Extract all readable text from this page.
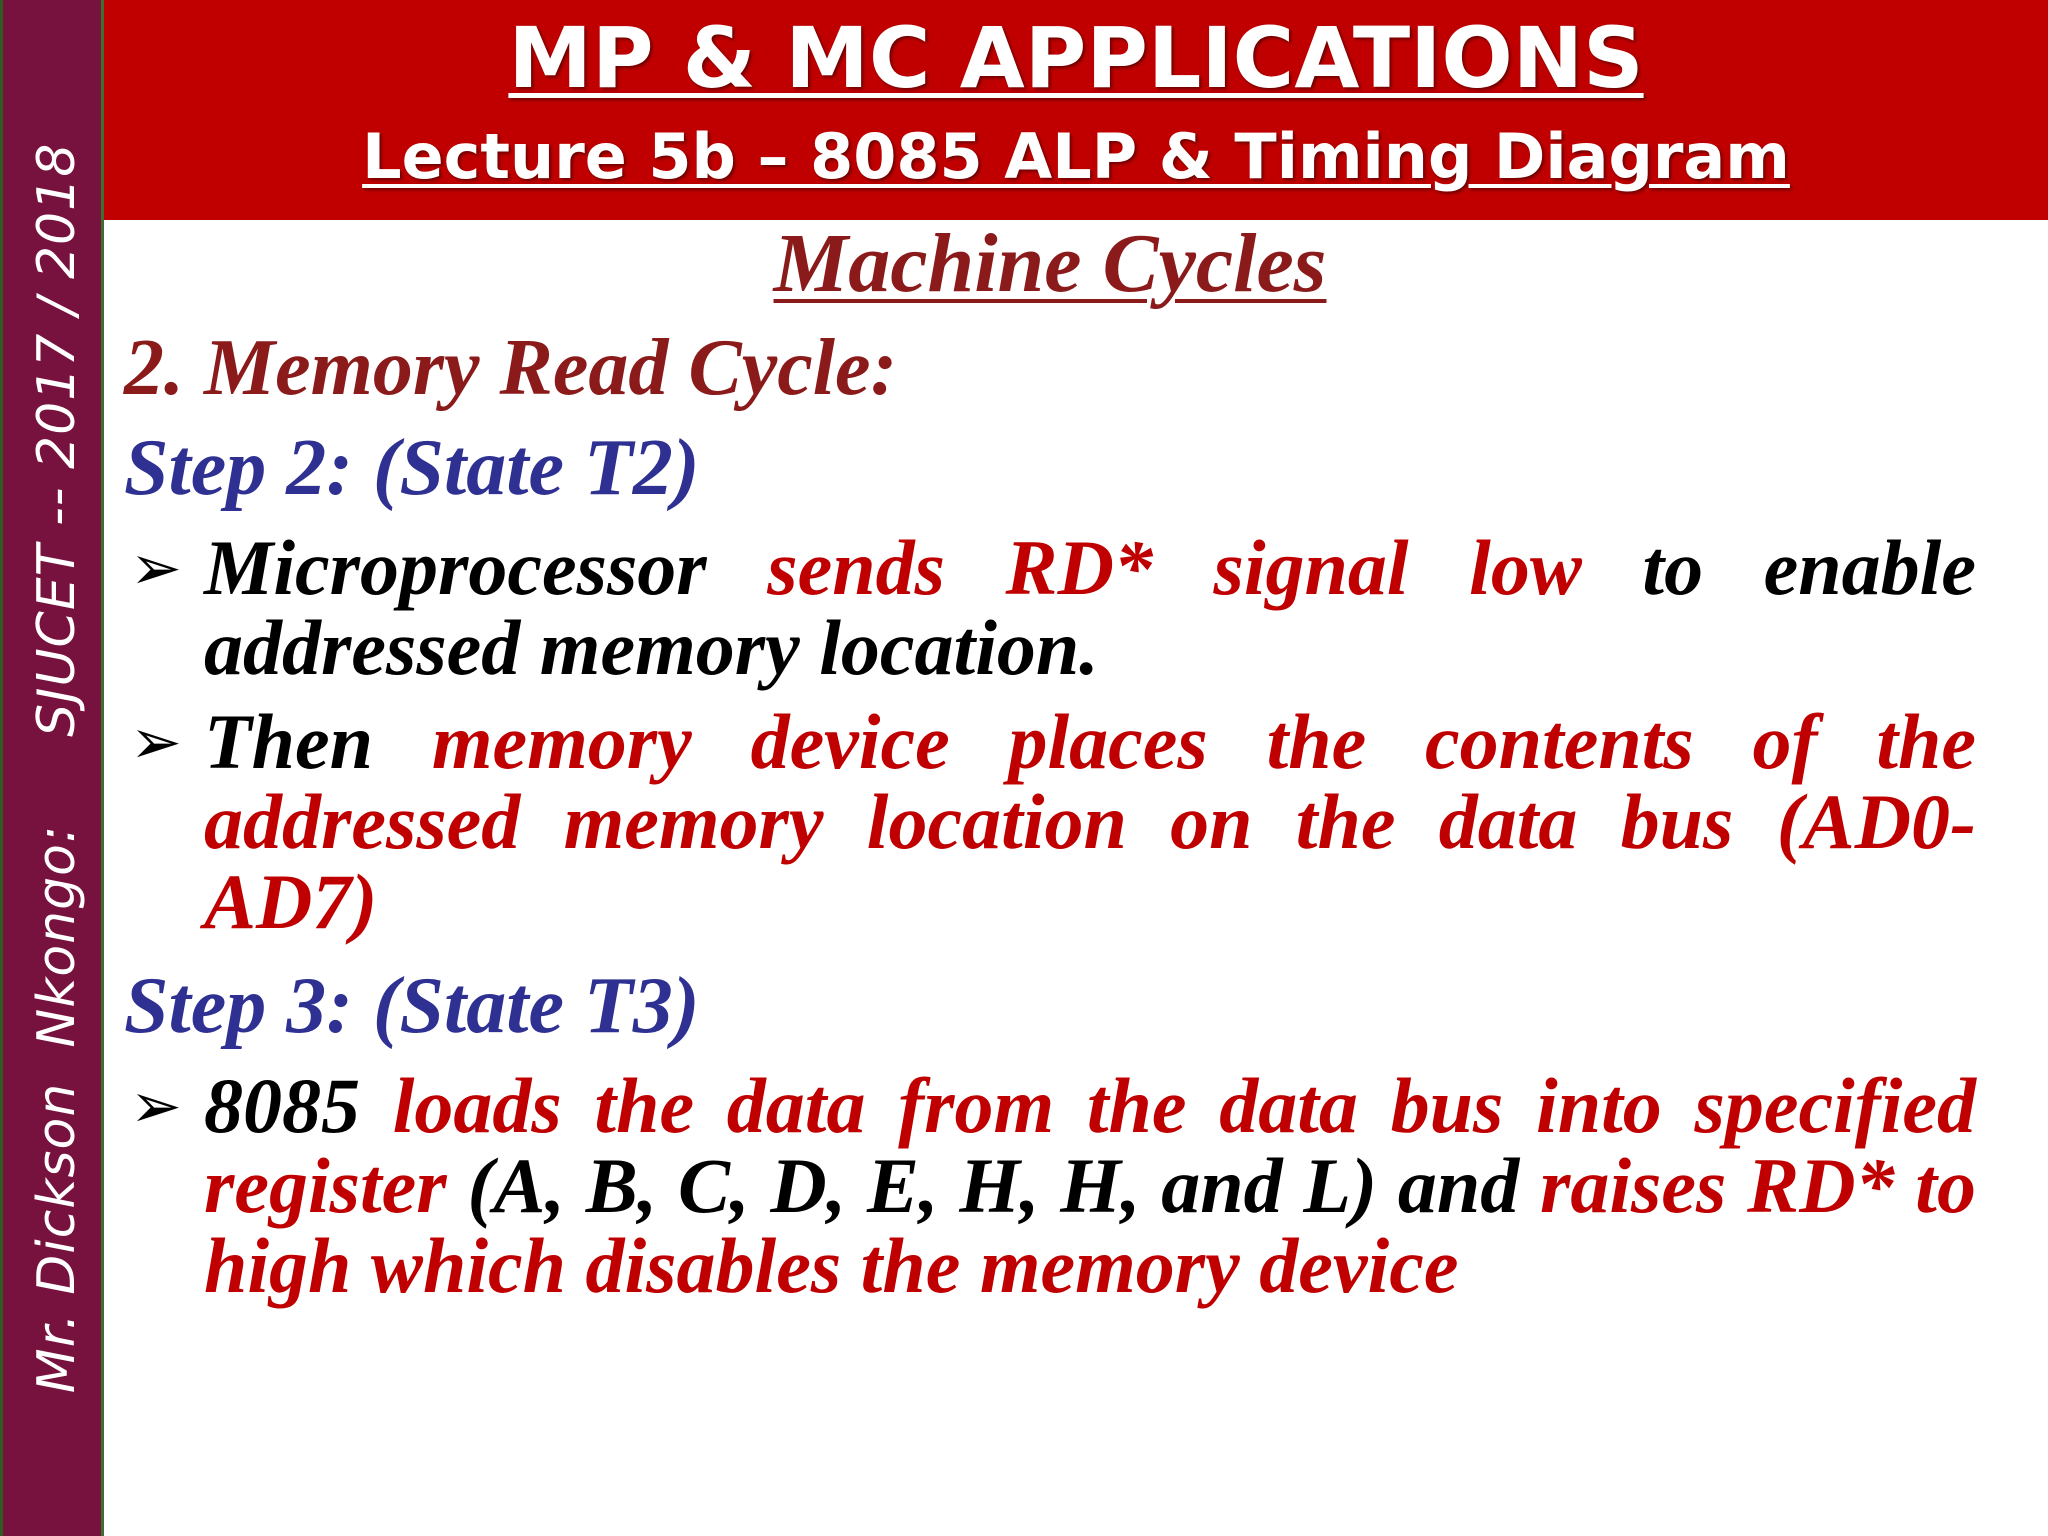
Mr. Dickson  Nkongo:     SJUCET -- 2017 / 2018
MP & MC APPLICATIONS
Lecture 5b – 8085 ALP & Timing Diagram
Machine Cycles
2. Memory Read Cycle:
Step 2: (State T2)
➢ Microprocessor sends RD* signal low to enable addressed memory location.
➢ Then memory device places the contents of the addressed memory location on the data bus (AD0-AD7)
Step 3: (State T3)
➢ 8085 loads the data from the data bus into specified register (A, B, C, D, E, H, H, and L) and raises RD* to high which disables the memory device
